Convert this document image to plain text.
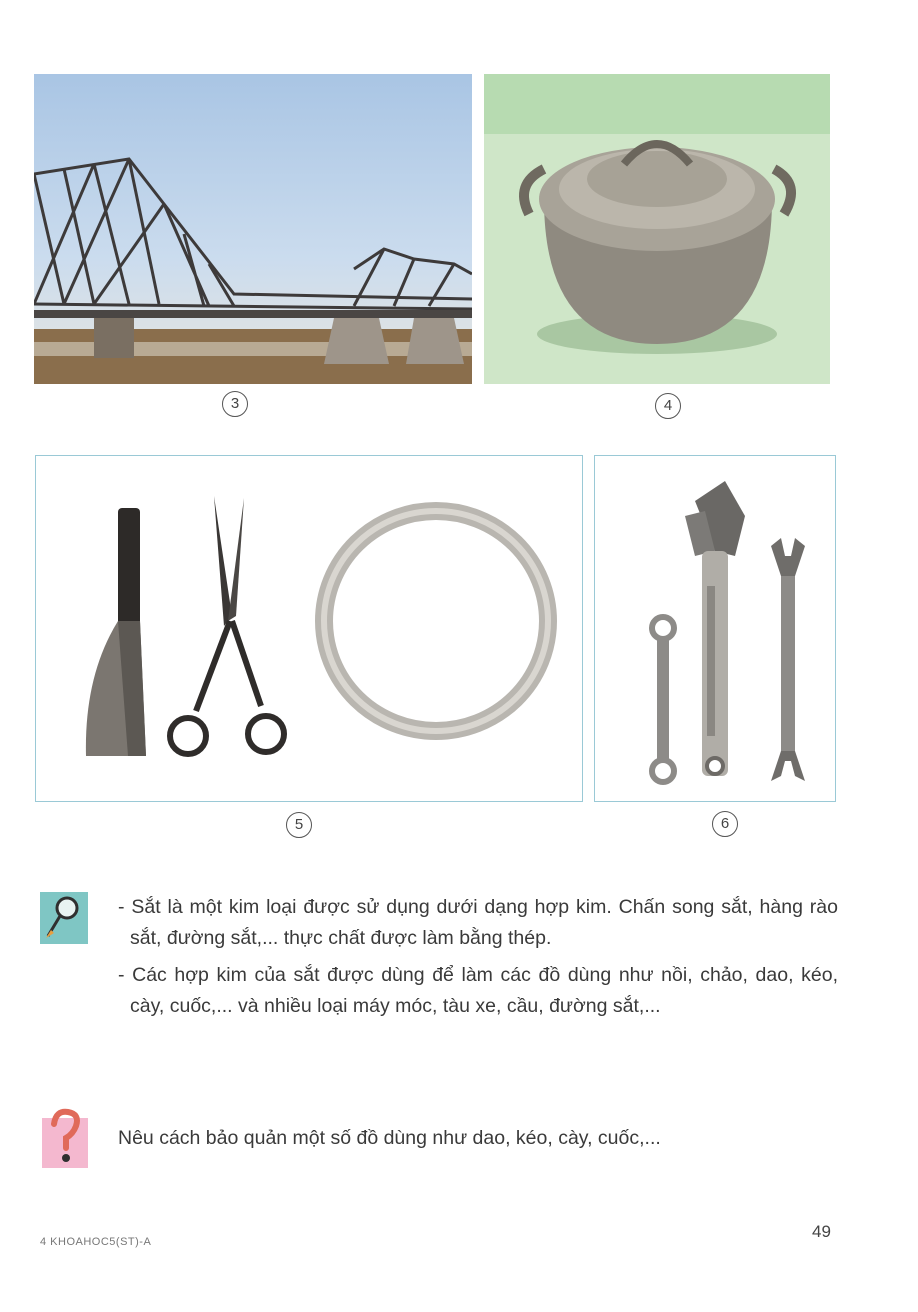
3	4
5	6

- Sắt là một kim loại được sử dụng dưới dạng hợp kim. Chấn song sắt, hàng rào sắt, đường sắt,... thực chất được làm bằng thép.

- Các hợp kim của sắt được dùng để làm các đồ dùng như nồi, chảo, dao, kéo, cày, cuốc,... và nhiều loại máy móc, tàu xe, cầu, đường sắt,...

Nêu cách bảo quản một số đồ dùng như dao, kéo, cày, cuốc,...
4 KHOAHOC5(ST)-A
49
